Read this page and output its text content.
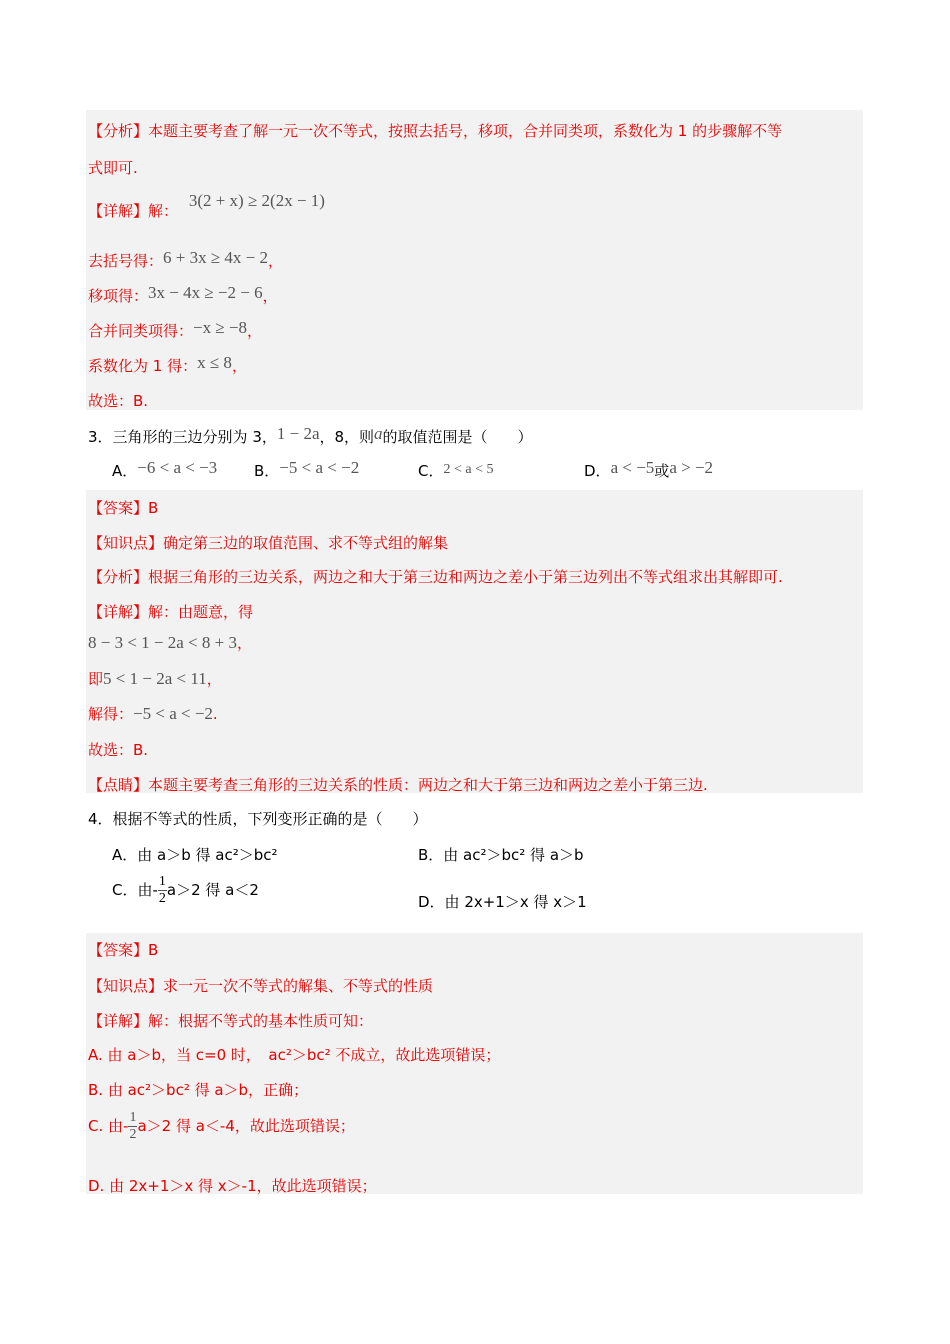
【分析】本题主要考查了解一元一次不等式，按照去括号，移项，合并同类项，系数化为 1 的步骤解不等
式即可.
【详解】解： 3(2 + x) ≥ 2(2x − 1)
去括号得：6 + 3x ≥ 4x − 2，
移项得：3x − 4x ≥ −2 − 6，
合并同类项得：−x ≥ −8，
系数化为 1 得：x ≤ 8，
故选：B.
3．三角形的三边分别为 3，1 − 2a，8，则a的取值范围是（　　）
A．−6 < a < −3 B．−5 < a < −2	C．2 < a < 5	D．a < −5或a > −2
【答案】B
【知识点】确定第三边的取值范围、求不等式组的解集
【分析】根据三角形的三边关系，两边之和大于第三边和两边之差小于第三边列出不等式组求出其解即可.
【详解】解：由题意，得
8 − 3 < 1 − 2a < 8 + 3，
即5 < 1 − 2a < 11，
解得：−5 < a < −2.
故选：B.
【点睛】本题主要考查三角形的三边关系的性质：两边之和大于第三边和两边之差小于第三边.
4．根据不等式的性质，下列变形正确的是（　　）
A．由 a＞b 得 ac²＞bc²	B．由 ac²＞bc² 得 a＞b
C．由- $\frac{1}{2} a>2$ 得 a＜2
D．由 2x+1＞x 得 x＞1
【答案】B
【知识点】求一元一次不等式的解集、不等式的性质
【详解】解：根据不等式的基本性质可知：
A. 由 a＞b，当 c=0 时，　ac²＞bc² 不成立，故此选项错误；
B. 由 ac²＞bc² 得 a＞b，正确；
C. 由- $\frac{1}{2} a>2$ 得 a＜-4，故此选项错误；
D. 由 2x+1＞x 得 x＞-1，故此选项错误；
